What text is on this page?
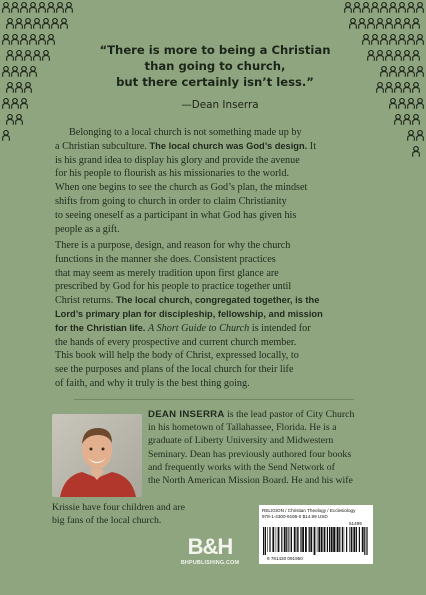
“There is more to being a Christian
than going to church,
but there certainly isn’t less.”
—Dean Inserra
Belonging to a local church is not something made up by
a Christian subculture. The local church was God’s design. It
is his grand idea to display his glory and provide the avenue
for his people to flourish as his missionaries to the world.
When one begins to see the church as God’s plan, the mindset
shifts from going to church in order to claim Christianity
to seeing oneself as a participant in what God has given his
people as a gift.
There is a purpose, design, and reason for why the church
functions in the manner she does. Consistent practices
that may seem as merely tradition upon first glance are
prescribed by God for his people to practice together until
Christ returns. The local church, congregated together, is the
Lord’s primary plan for discipleship, fellowship, and mission
for the Christian life. A Short Guide to Church is intended for
the hands of every prospective and current church member.
This book will help the body of Christ, expressed locally, to
see the purposes and plans of the local church for their life
of faith, and why it truly is the best thing going.
DEAN INSERRA is the lead pastor of City Church
in his hometown of Tallahassee, Florida. He is a
graduate of Liberty University and Midwestern
Seminary. Dean has previously authored four books
and frequently works with the Send Network of
the North American Mission Board. He and his wife
Krissie have four children and are
big fans of the local church.
B&H
BHPUBLISHING.COM
RELIGION / Christian Theology / Ecclesiology
978-1-4300-9195-0 $14.99 USD
51499
9 781430 091950
